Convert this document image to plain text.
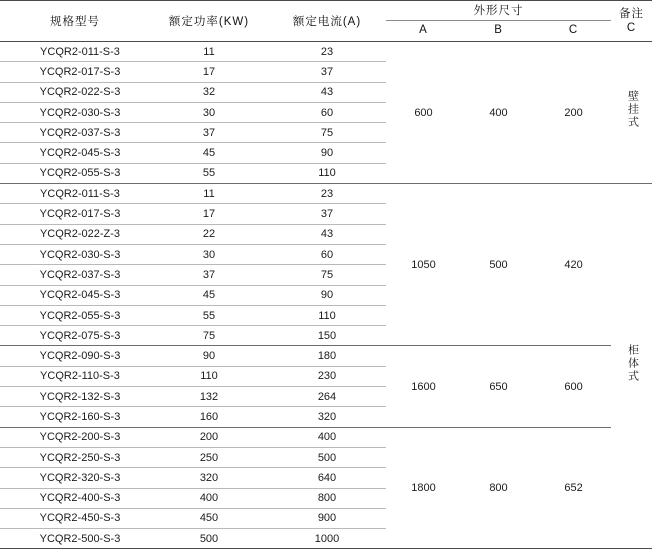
规格型号	额定功率(KW)	额定电流(A)	
外形尺寸
A	B	C

备注
C

YCQR2-011-S-3	11	23	600	400	200	壁挂式
YCQR2-017-S-3	17	37				
YCQR2-022-S-3	32	43				
YCQR2-030-S-3	30	60				
YCQR2-037-S-3	37	75				
YCQR2-045-S-3	45	90				
YCQR2-055-S-3	55	110				
YCQR2-011-S-3	11	23	1050	500	420	柜体式
YCQR2-017-S-3	17	37				
YCQR2-022-Z-3	22	43				
YCQR2-030-S-3	30	60				
YCQR2-037-S-3	37	75				
YCQR2-045-S-3	45	90				
YCQR2-055-S-3	55	110				
YCQR2-075-S-3	75	150				
YCQR2-090-S-3	90	180	1600	650	600	
YCQR2-110-S-3	110	230				
YCQR2-132-S-3	132	264				
YCQR2-160-S-3	160	320				
YCQR2-200-S-3	200	400	1800	800	652	
YCQR2-250-S-3	250	500				
YCQR2-320-S-3	320	640				
YCQR2-400-S-3	400	800				
YCQR2-450-S-3	450	900				
YCQR2-500-S-3	500	1000				
